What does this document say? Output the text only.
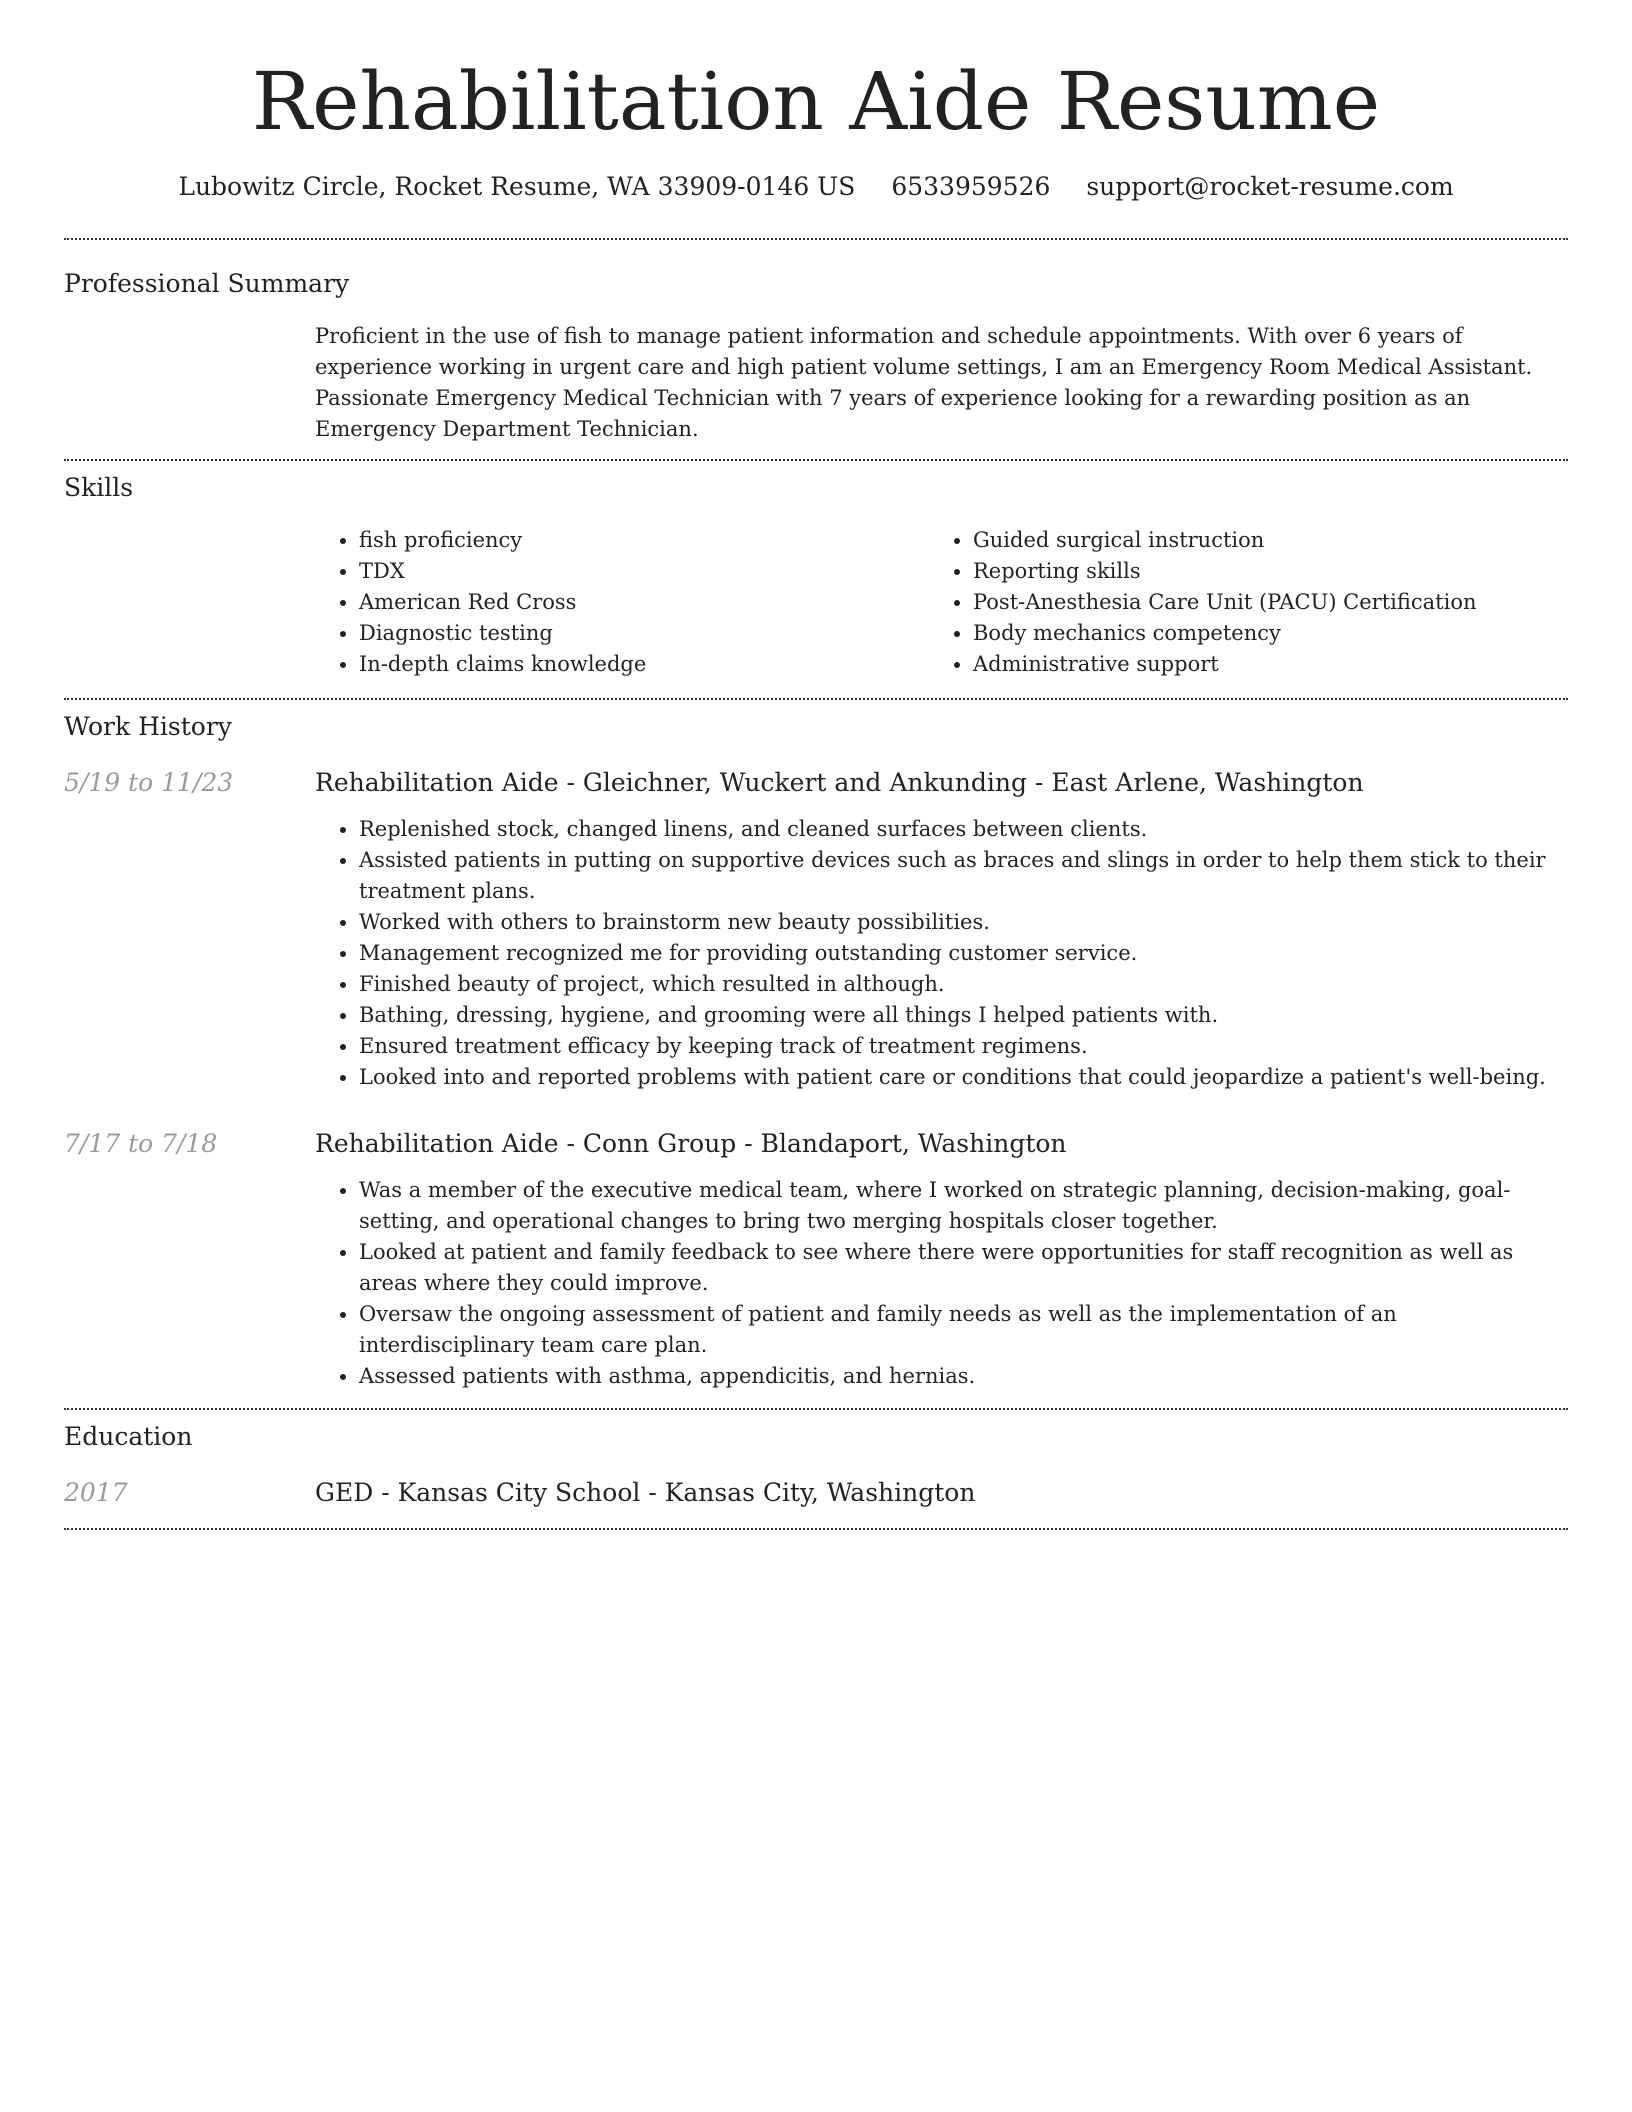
Rehabilitation Aide Resume
Lubowitz Circle, Rocket Resume, WA 33909-0146 US 6533959526 support@rocket-resume.com
Professional Summary
Proficient in the use of fish to manage patient information and schedule appointments. With over 6 years of experience working in urgent care and high patient volume settings, I am an Emergency Room Medical Assistant. Passionate Emergency Medical Technician with 7 years of experience looking for a rewarding position as an Emergency Department Technician.
Skills
• fish proficiency
• TDX
• American Red Cross
• Diagnostic testing
• In-depth claims knowledge
• Guided surgical instruction
• Reporting skills
• Post-Anesthesia Care Unit (PACU) Certification
• Body mechanics competency
• Administrative support
Work History
5/19 to 11/23	Rehabilitation Aide - Gleichner, Wuckert and Ankunding - East Arlene, Washington
• Replenished stock, changed linens, and cleaned surfaces between clients.
• Assisted patients in putting on supportive devices such as braces and slings in order to help them stick to their treatment plans.
• Worked with others to brainstorm new beauty possibilities.
• Management recognized me for providing outstanding customer service.
• Finished beauty of project, which resulted in although.
• Bathing, dressing, hygiene, and grooming were all things I helped patients with.
• Ensured treatment efficacy by keeping track of treatment regimens.
• Looked into and reported problems with patient care or conditions that could jeopardize a patient's well-being.
7/17 to 7/18	Rehabilitation Aide - Conn Group - Blandaport, Washington
• Was a member of the executive medical team, where I worked on strategic planning, decision-making, goal-setting, and operational changes to bring two merging hospitals closer together.
• Looked at patient and family feedback to see where there were opportunities for staff recognition as well as areas where they could improve.
• Oversaw the ongoing assessment of patient and family needs as well as the implementation of an interdisciplinary team care plan.
• Assessed patients with asthma, appendicitis, and hernias.
Education
2017	GED - Kansas City School - Kansas City, Washington
